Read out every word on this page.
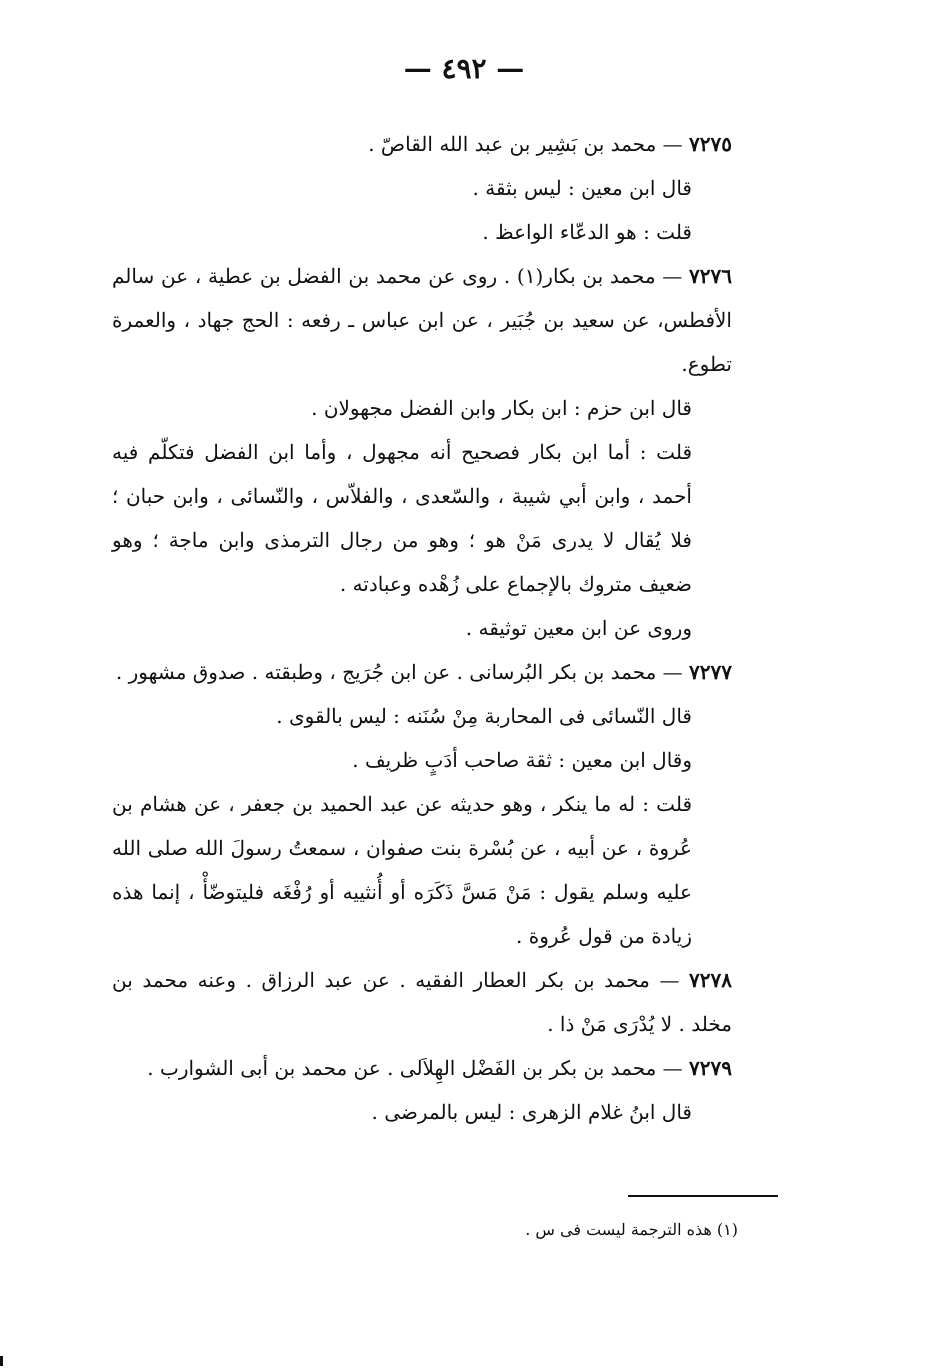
— ٤٩٢ —

٧٢٧٥ — محمد بن بَشِير بن عبد الله القاصّ .

قال ابن معين : ليس بثقة .

قلت : هو الدعّاء الواعظ .

٧٢٧٦ — محمد بن بكار(١) . روى عن محمد بن الفضل بن عطية ، عن سالم الأفطس، عن سعيد بن جُبَير ، عن ابن عباس ـ رفعه : الحج جهاد ، والعمرة تطوع.

قال ابن حزم : ابن بكار وابن الفضل مجهولان .

قلت : أما ابن بكار فصحيح أنه مجهول ، وأما ابن الفضل فتكلّم فيه أحمد ، وابن أبي شيبة ، والسّعدى ، والفلاّس ، والنّسائى ، وابن حبان ؛ فلا يُقال لا يدرى مَنْ هو ؛ وهو من رجال الترمذى وابن ماجة ؛ وهو ضعيف متروك بالإجماع على زُهْده وعبادته .

وروى عن ابن معين توثيقه .

٧٢٧٧ — محمد بن بكر البُرسانى . عن ابن جُرَيج ، وطبقته . صدوق مشهور .

قال النّسائى فى المحاربة مِنْ سُنَنه : ليس بالقوى .

وقال ابن معين : ثقة صاحب أدَبٍ ظريف .

قلت : له ما ينكر ، وهو حديثه عن عبد الحميد بن جعفر ، عن هشام بن عُروة ، عن أبيه ، عن بُسْرة بنت صفوان ، سمعتُ رسولَ الله صلى الله عليه وسلم يقول : مَنْ مَسَّ ذَكَرَه أو أُنثييه أو رُفْغَه فليتوضّأْ ، إنما هذه زيادة من قول عُروة .

٧٢٧٨ — محمد بن بكر العطار الفقيه . عن عبد الرزاق . وعنه محمد بن مخلد . لا يُدْرَى مَنْ ذا .

٧٢٧٩ — محمد بن بكر بن الفَضْل الهِلاَلى . عن محمد بن أبى الشوارب .

قال ابنُ غلام الزهرى : ليس بالمرضى .

(١) هذه الترجمة ليست فى س .
